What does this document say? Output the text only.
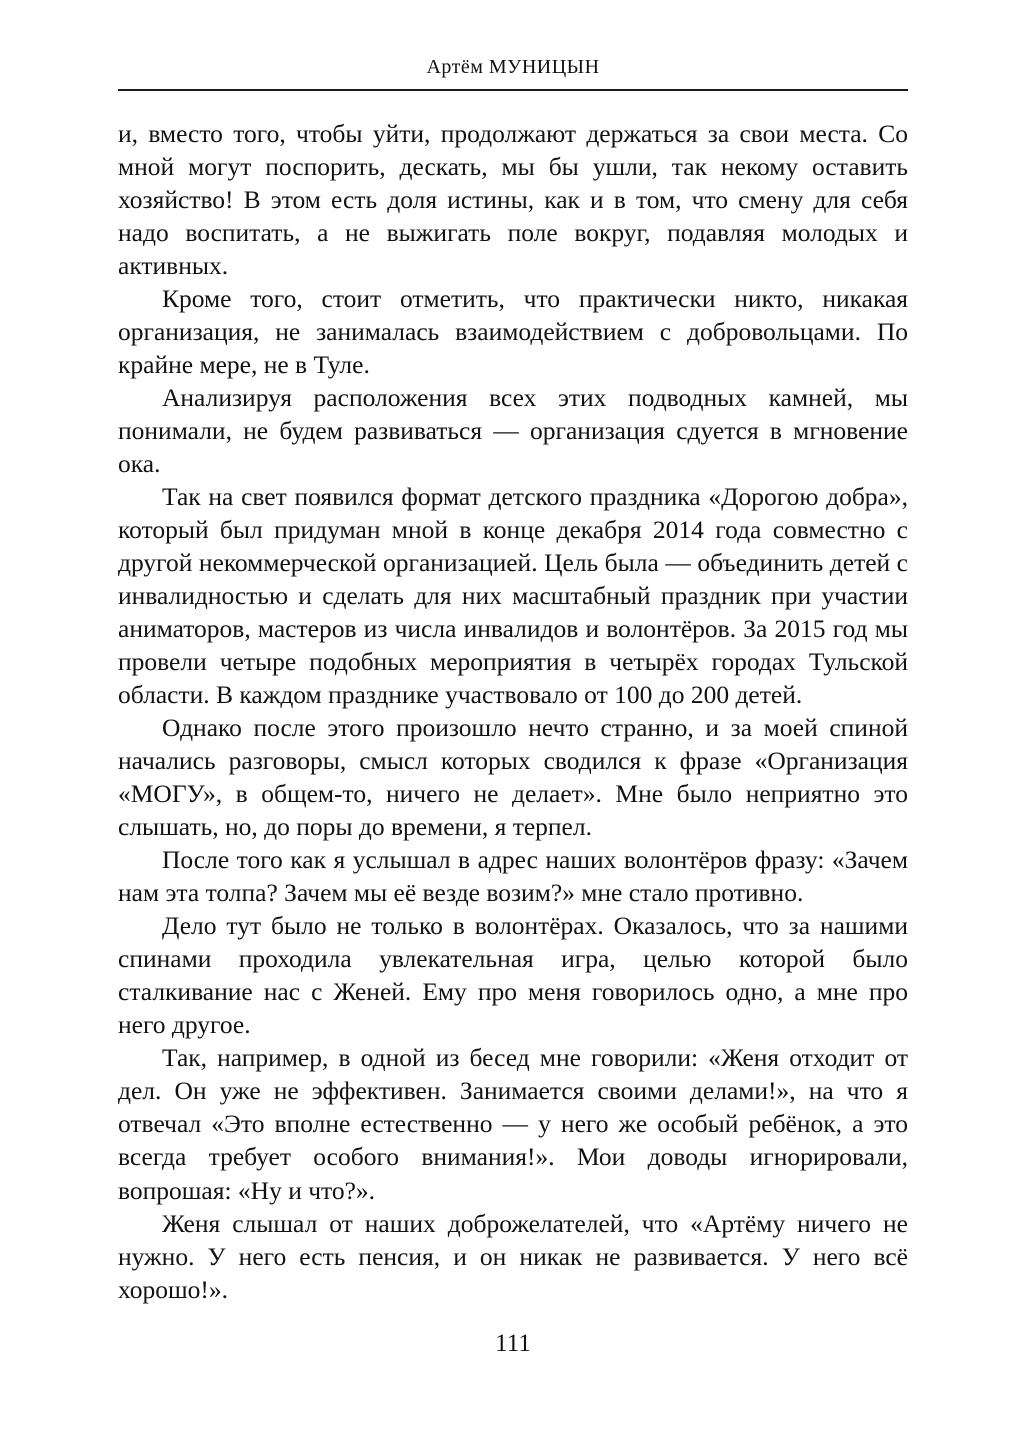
Артём МУНИЦЫН

и, вместо того, чтобы уйти, продолжают держаться за свои места. Со мной могут поспорить, дескать, мы бы ушли, так некому оставить хозяйство! В этом есть доля истины, как и в том, что смену для себя надо воспитать, а не выжигать поле вокруг, подавляя молодых и активных.

Кроме того, стоит отметить, что практически никто, никакая организация, не занималась взаимодействием с добровольцами. По крайне мере, не в Туле.

Анализируя расположения всех этих подводных камней, мы понимали, не будем развиваться — организация сдуется в мгновение ока.

Так на свет появился формат детского праздника «Дорогою добра», который был придуман мной в конце декабря 2014 года совместно с другой некоммерческой организацией. Цель была — объединить детей с инвалидностью и сделать для них масштабный праздник при участии аниматоров, мастеров из числа инвалидов и волонтёров. За 2015 год мы провели четыре подобных мероприятия в четырёх городах Тульской области. В каждом празднике участвовало от 100 до 200 детей.

Однако после этого произошло нечто странно, и за моей спиной начались разговоры, смысл которых сводился к фразе «Организация «МОГУ», в общем-то, ничего не делает». Мне было неприятно это слышать, но, до поры до времени, я терпел.

После того как я услышал в адрес наших волонтёров фразу: «Зачем нам эта толпа? Зачем мы её везде возим?» мне стало противно.

Дело тут было не только в волонтёрах. Оказалось, что за нашими спинами проходила увлекательная игра, целью которой было сталкивание нас с Женей. Ему про меня говорилось одно, а мне про него другое.

Так, например, в одной из бесед мне говорили: «Женя отходит от дел. Он уже не эффективен. Занимается своими делами!», на что я отвечал «Это вполне естественно — у него же особый ребёнок, а это всегда требует особого внимания!». Мои доводы игнорировали, вопрошая: «Ну и что?».

Женя слышал от наших доброжелателей, что «Артёму ничего не нужно. У него есть пенсия, и он никак не развивается. У него всё хорошо!».

111
